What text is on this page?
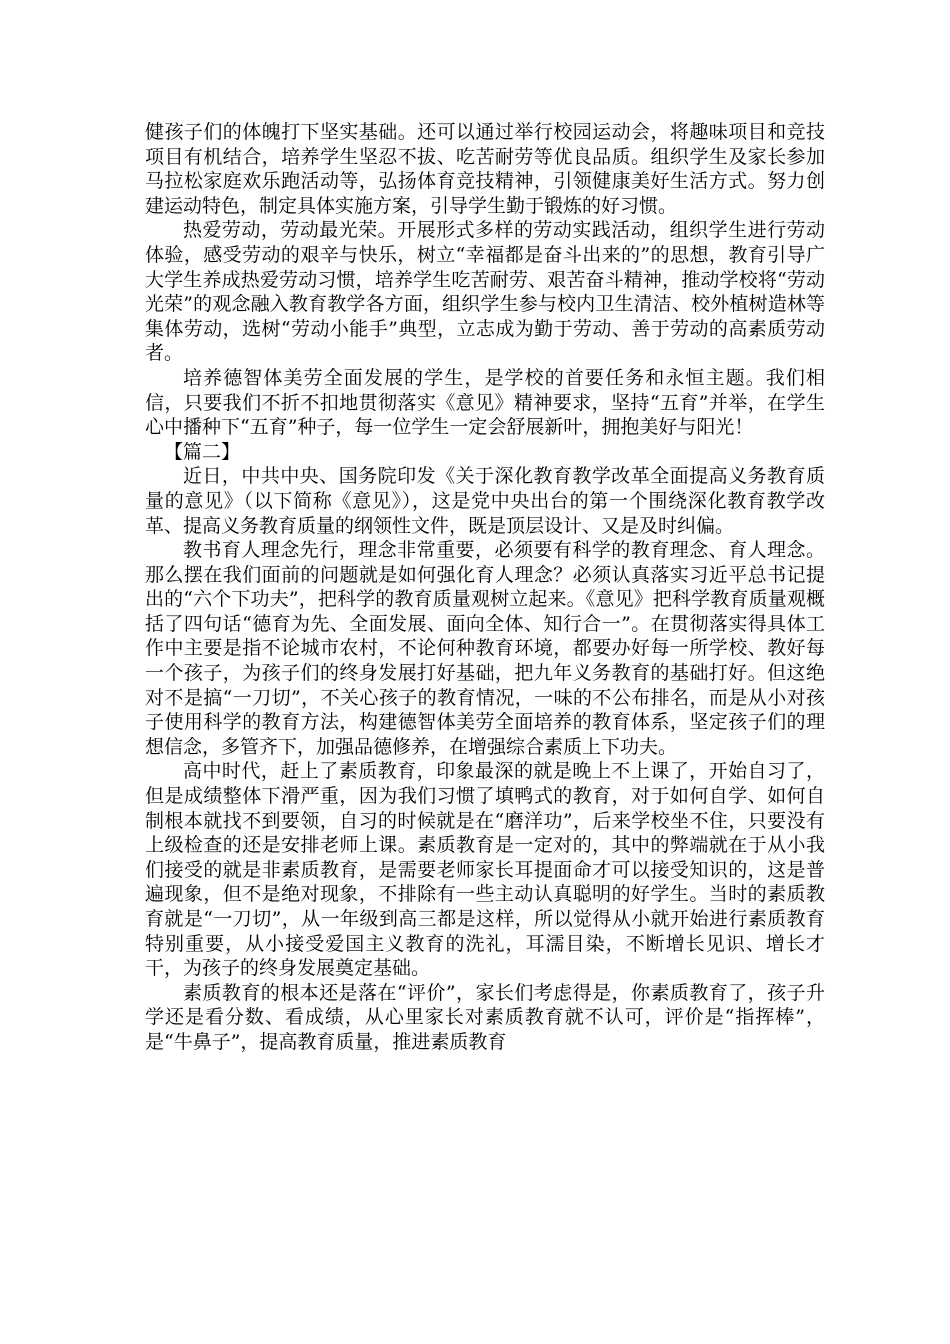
健孩子们的体魄打下坚实基础。还可以通过举行校园运动会，将趣味项目和竞技项目有机结合，培养学生坚忍不拔、吃苦耐劳等优良品质。组织学生及家长参加马拉松家庭欢乐跑活动等，弘扬体育竞技精神，引领健康美好生活方式。努力创建运动特色，制定具体实施方案，引导学生勤于锻炼的好习惯。

热爱劳动，劳动最光荣。开展形式多样的劳动实践活动，组织学生进行劳动体验，感受劳动的艰辛与快乐，树立“幸福都是奋斗出来的”的思想，教育引导广大学生养成热爱劳动习惯，培养学生吃苦耐劳、艰苦奋斗精神，推动学校将“劳动光荣”的观念融入教育教学各方面，组织学生参与校内卫生清洁、校外植树造林等集体劳动，选树“劳动小能手”典型，立志成为勤于劳动、善于劳动的高素质劳动者。

培养德智体美劳全面发展的学生，是学校的首要任务和永恒主题。我们相信，只要我们不折不扣地贯彻落实《意见》精神要求，坚持“五育”并举，在学生心中播种下“五育”种子，每一位学生一定会舒展新叶，拥抱美好与阳光！

【篇二】

近日，中共中央、国务院印发《关于深化教育教学改革全面提高义务教育质量的意见》（以下简称《意见》），这是党中央出台的第一个围绕深化教育教学改革、提高义务教育质量的纲领性文件，既是顶层设计、又是及时纠偏。

教书育人理念先行，理念非常重要，必须要有科学的教育理念、育人理念。那么摆在我们面前的问题就是如何强化育人理念？必须认真落实习近平总书记提出的“六个下功夫”，把科学的教育质量观树立起来。《意见》把科学教育质量观概括了四句话“德育为先、全面发展、面向全体、知行合一”。在贯彻落实得具体工作中主要是指不论城市农村，不论何种教育环境，都要办好每一所学校、教好每一个孩子，为孩子们的终身发展打好基础，把九年义务教育的基础打好。但这绝对不是搞“一刀切”，不关心孩子的教育情况，一味的不公布排名，而是从小对孩子使用科学的教育方法，构建德智体美劳全面培养的教育体系，坚定孩子们的理想信念，多管齐下，加强品德修养，在增强综合素质上下功夫。

高中时代，赶上了素质教育，印象最深的就是晚上不上课了，开始自习了，但是成绩整体下滑严重，因为我们习惯了填鸭式的教育，对于如何自学、如何自制根本就找不到要领，自习的时候就是在“磨洋功”，后来学校坐不住，只要没有上级检查的还是安排老师上课。素质教育是一定对的，其中的弊端就在于从小我们接受的就是非素质教育，是需要老师家长耳提面命才可以接受知识的，这是普遍现象，但不是绝对现象，不排除有一些主动认真聪明的好学生。当时的素质教育就是“一刀切”，从一年级到高三都是这样，所以觉得从小就开始进行素质教育特别重要，从小接受爱国主义教育的洗礼，耳濡目染，不断增长见识、增长才干，为孩子的终身发展奠定基础。

素质教育的根本还是落在“评价”，家长们考虑得是，你素质教育了，孩子升学还是看分数、看成绩，从心里家长对素质教育就不认可，评价是“指挥棒”，是“牛鼻子”，提高教育质量，推进素质教育
